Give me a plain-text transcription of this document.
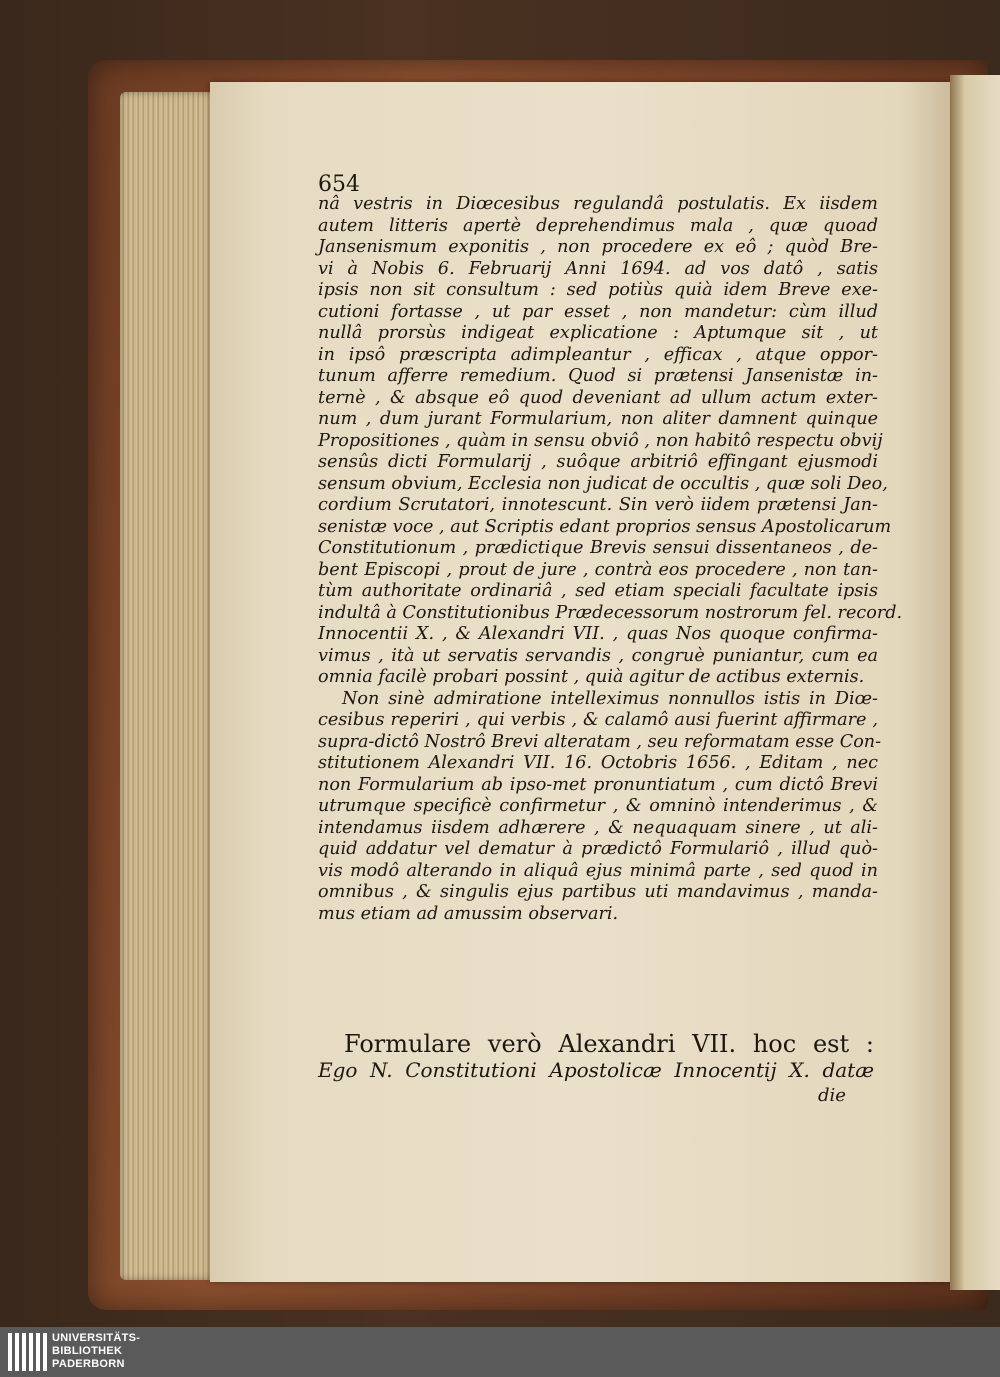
654
nâ vestris in Diœcesibus regulandâ postulatis. Ex iisdem
autem litteris apertè deprehendimus mala , quæ quoad
Jansenismum exponitis , non procedere ex eô ; quòd Bre-
vi à Nobis 6. Februarij Anni 1694. ad vos datô , satis
ipsis non sit consultum : sed potiùs quià idem Breve exe-
cutioni fortasse , ut par esset , non mandetur: cùm illud
nullâ prorsùs indigeat explicatione : Aptumque sit , ut
in ipsô præscripta adimpleantur , efficax , atque oppor-
tunum afferre remedium. Quod si prætensi Jansenistæ in-
ternè , & absque eô quod deveniant ad ullum actum exter-
num , dum jurant Formularium, non aliter damnent quinque
Propositiones , quàm in sensu obviô , non habitô respectu obvij
sensûs dicti Formularij , suôque arbitriô effingant ejusmodi
sensum obvium, Ecclesia non judicat de occultis , quæ soli Deo,
cordium Scrutatori, innotescunt. Sin verò iidem prætensi Jan-
senistæ voce , aut Scriptis edant proprios sensus Apostolicarum
Constitutionum , prædictique Brevis sensui dissentaneos , de-
bent Episcopi , prout de jure , contrà eos procedere , non tan-
tùm authoritate ordinariâ , sed etiam speciali facultate ipsis
indultâ à Constitutionibus Prædecessorum nostrorum fel. record.
Innocentii X. , & Alexandri VII. , quas Nos quoque confirma-
vimus , ità ut servatis servandis , congruè puniantur, cum ea
omnia facilè probari possint , quià agitur de actibus externis.
Non sinè admiratione intelleximus nonnullos istis in Diœ-
cesibus reperiri , qui verbis , & calamô ausi fuerint affirmare ,
supra-dictô Nostrô Brevi alteratam , seu reformatam esse Con-
stitutionem Alexandri VII. 16. Octobris 1656. , Editam , nec
non Formularium ab ipso-met pronuntiatum , cum dictô Brevi
utrumque specificè confirmetur , & omninò intenderimus , &
intendamus iisdem adhærere , & nequaquam sinere , ut ali-
quid addatur vel dematur à prædictô Formulariô , illud quò-
vis modô alterando in aliquâ ejus minimâ parte , sed quod in
omnibus , & singulis ejus partibus uti mandavimus , manda-
mus etiam ad amussim observari.
Formulare verò Alexandri VII. hoc est :
Ego N. Constitutioni Apostolicæ Innocentij X. datæ
die
UNIVERSITÄTS-
BIBLIOTHEK
PADERBORN
